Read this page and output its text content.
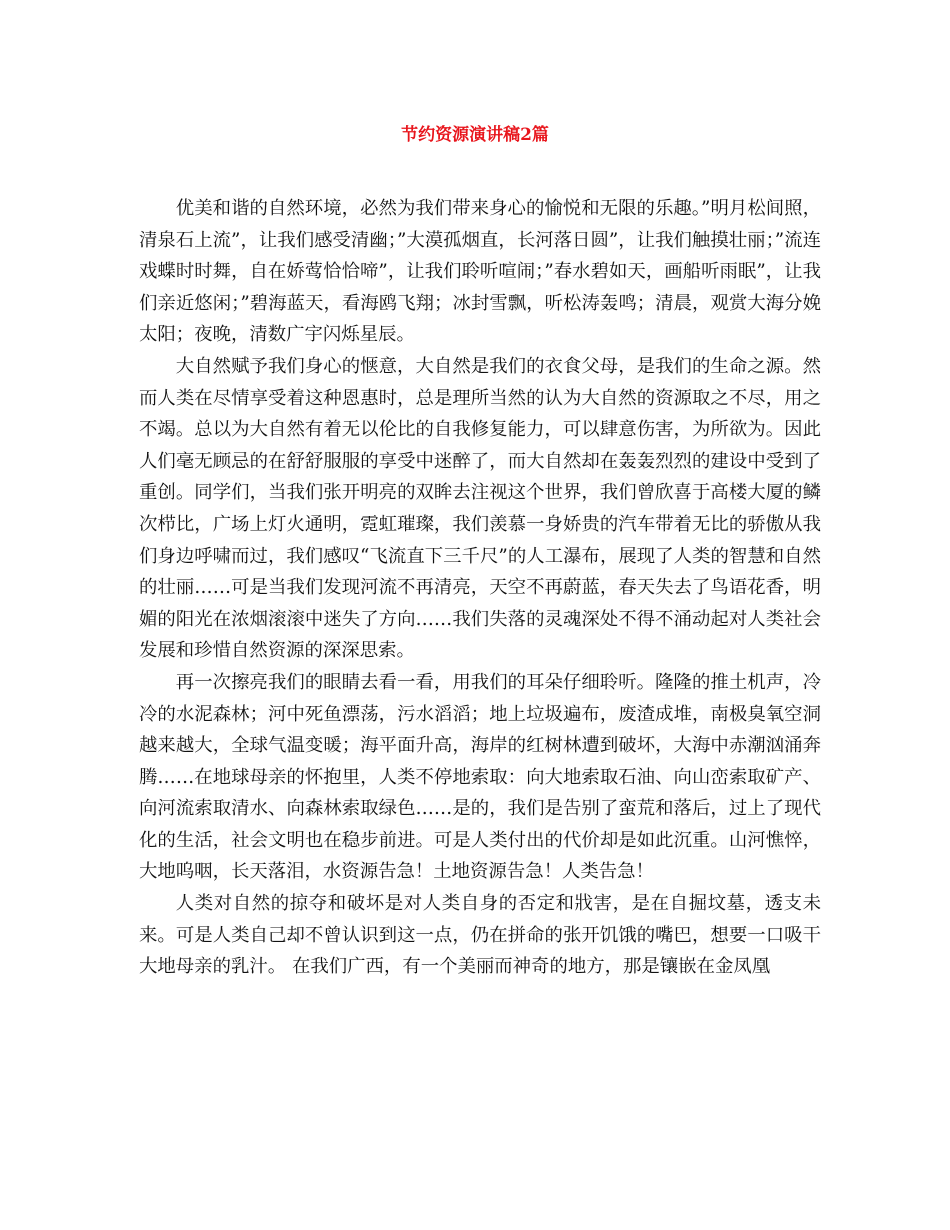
节约资源演讲稿2篇

优美和谐的自然环境，必然为我们带来身心的愉悦和无限的乐趣。”明月松间照，清泉石上流”，让我们感受清幽；”大漠孤烟直，长河落日圆”，让我们触摸壮丽；”流连戏蝶时时舞，自在娇莺恰恰啼”，让我们聆听喧闹；”春水碧如天，画船听雨眠”，让我们亲近悠闲；”碧海蓝天，看海鸥飞翔；冰封雪飘，听松涛轰鸣；清晨，观赏大海分娩太阳；夜晚，清数广宇闪烁星辰。

大自然赋予我们身心的惬意，大自然是我们的衣食父母，是我们的生命之源。然而人类在尽情享受着这种恩惠时，总是理所当然的认为大自然的资源取之不尽，用之不竭。总以为大自然有着无以伦比的自我修复能力，可以肆意伤害，为所欲为。因此人们毫无顾忌的在舒舒服服的享受中迷醉了，而大自然却在轰轰烈烈的建设中受到了重创。同学们，当我们张开明亮的双眸去注视这个世界，我们曾欣喜于高楼大厦的鳞次栉比，广场上灯火通明，霓虹璀璨，我们羡慕一身娇贵的汽车带着无比的骄傲从我们身边呼啸而过，我们感叹“飞流直下三千尺”的人工瀑布，展现了人类的智慧和自然的壮丽……可是当我们发现河流不再清亮，天空不再蔚蓝，春天失去了鸟语花香，明媚的阳光在浓烟滚滚中迷失了方向……我们失落的灵魂深处不得不涌动起对人类社会发展和珍惜自然资源的深深思索。

再一次擦亮我们的眼睛去看一看，用我们的耳朵仔细聆听。隆隆的推土机声，冷冷的水泥森林；河中死鱼漂荡，污水滔滔；地上垃圾遍布，废渣成堆，南极臭氧空洞越来越大，全球气温变暖；海平面升高，海岸的红树林遭到破坏，大海中赤潮汹涌奔腾……在地球母亲的怀抱里，人类不停地索取：向大地索取石油、向山峦索取矿产、向河流索取清水、向森林索取绿色……是的，我们是告别了蛮荒和落后，过上了现代化的生活，社会文明也在稳步前进。可是人类付出的代价却是如此沉重。山河憔悴，大地呜咽，长天落泪，水资源告急！土地资源告急！人类告急！

人类对自然的掠夺和破坏是对人类自身的否定和戕害，是在自掘坟墓，透支未来。可是人类自己却不曾认识到这一点，仍在拼命的张开饥饿的嘴巴，想要一口吸干大地母亲的乳汁。 在我们广西，有一个美丽而神奇的地方，那是镶嵌在金凤凰
